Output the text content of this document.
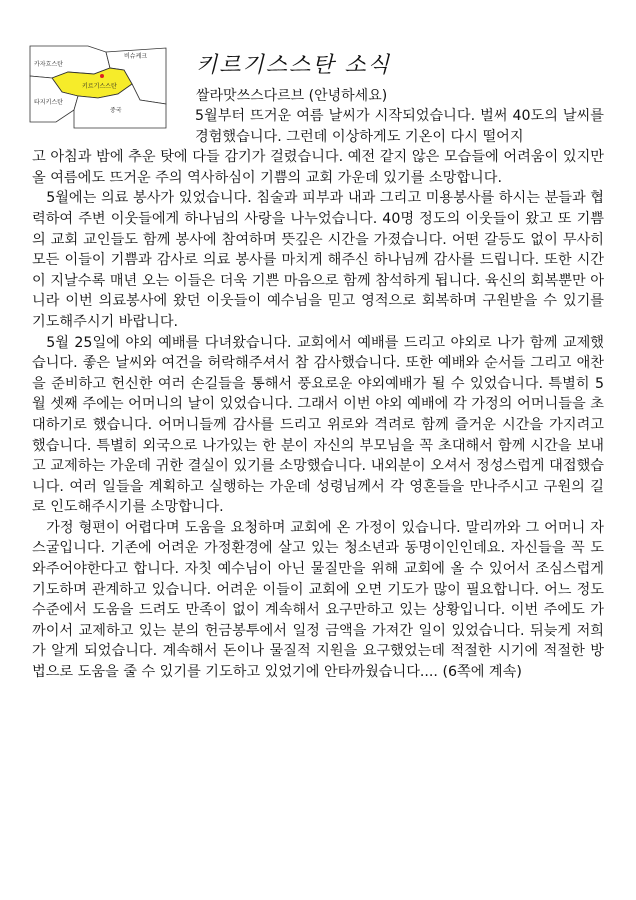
카자흐스탄
비슈케크
키르기스스탄
타지키스탄
중국
키르기스스탄 소식
쌀라맛쓰스다르브 (안녕하세요)

5월부터 뜨거운 여름 날씨가 시작되었습니다. 벌써 40도의 날씨를 경험했습니다. 그런데 이상하게도 기온이 다시 떨어지
고 아침과 밤에 추운 탓에 다들 감기가 걸렸습니다. 예전 같지 않은 모습들에 어려움이 있지만 올 여름에도 뜨거운 주의 역사하심이 기쁨의 교회 가운데 있기를 소망합니다.

5월에는 의료 봉사가 있었습니다. 침술과 피부과 내과 그리고 미용봉사를 하시는 분들과 협력하여 주변 이웃들에게 하나님의 사랑을 나누었습니다. 40명 정도의 이웃들이 왔고 또 기쁨의 교회 교인들도 함께 봉사에 참여하며 뜻깊은 시간을 가졌습니다. 어떤 갈등도 없이 무사히 모든 이들이 기쁨과 감사로 의료 봉사를 마치게 해주신 하나님께 감사를 드립니다. 또한 시간이 지날수록 매년 오는 이들은 더욱 기쁜 마음으로 함께 참석하게 됩니다. 육신의 회복뿐만 아니라 이번 의료봉사에 왔던 이웃들이 예수님을 믿고 영적으로 회복하며 구원받을 수 있기를 기도해주시기 바랍니다.

5월 25일에 야외 예배를 다녀왔습니다. 교회에서 예배를 드리고 야외로 나가 함께 교제했습니다. 좋은 날씨와 여건을 허락해주셔서 참 감사했습니다. 또한 예배와 순서들 그리고 애찬을 준비하고 헌신한 여러 손길들을 통해서 풍요로운 야외예배가 될 수 있었습니다. 특별히 5월 셋째 주에는 어머니의 날이 있었습니다. 그래서 이번 야외 예배에 각 가정의 어머니들을 초대하기로 했습니다. 어머니들께 감사를 드리고 위로와 격려로 함께 즐거운 시간을 가지려고 했습니다. 특별히 외국으로 나가있는 한 분이 자신의 부모님을 꼭 초대해서 함께 시간을 보내고 교제하는 가운데 귀한 결실이 있기를 소망했습니다. 내외분이 오셔서 정성스럽게 대접했습니다. 여러 일들을 계획하고 실행하는 가운데 성령님께서 각 영혼들을 만나주시고 구원의 길로 인도해주시기를 소망합니다.

가정 형편이 어렵다며 도움을 요청하며 교회에 온 가정이 있습니다. 말리까와 그 어머니 자스굴입니다. 기존에 어려운 가정환경에 살고 있는 청소년과 동명이인인데요. 자신들을 꼭 도와주어야한다고 합니다. 자칫 예수님이 아닌 물질만을 위해 교회에 올 수 있어서 조심스럽게 기도하며 관계하고 있습니다. 어려운 이들이 교회에 오면 기도가 많이 필요합니다. 어느 정도 수준에서 도움을 드려도 만족이 없이 계속해서 요구만하고 있는 상황입니다. 이번 주에도 가까이서 교제하고 있는 분의 헌금봉투에서 일정 금액을 가져간 일이 있었습니다. 뒤늦게 저희가 알게 되었습니다. 계속해서 돈이나 물질적 지원을 요구했었는데 적절한 시기에 적절한 방법으로 도움을 줄 수 있기를 기도하고 있었기에 안타까웠습니다.... (6쪽에 계속)
